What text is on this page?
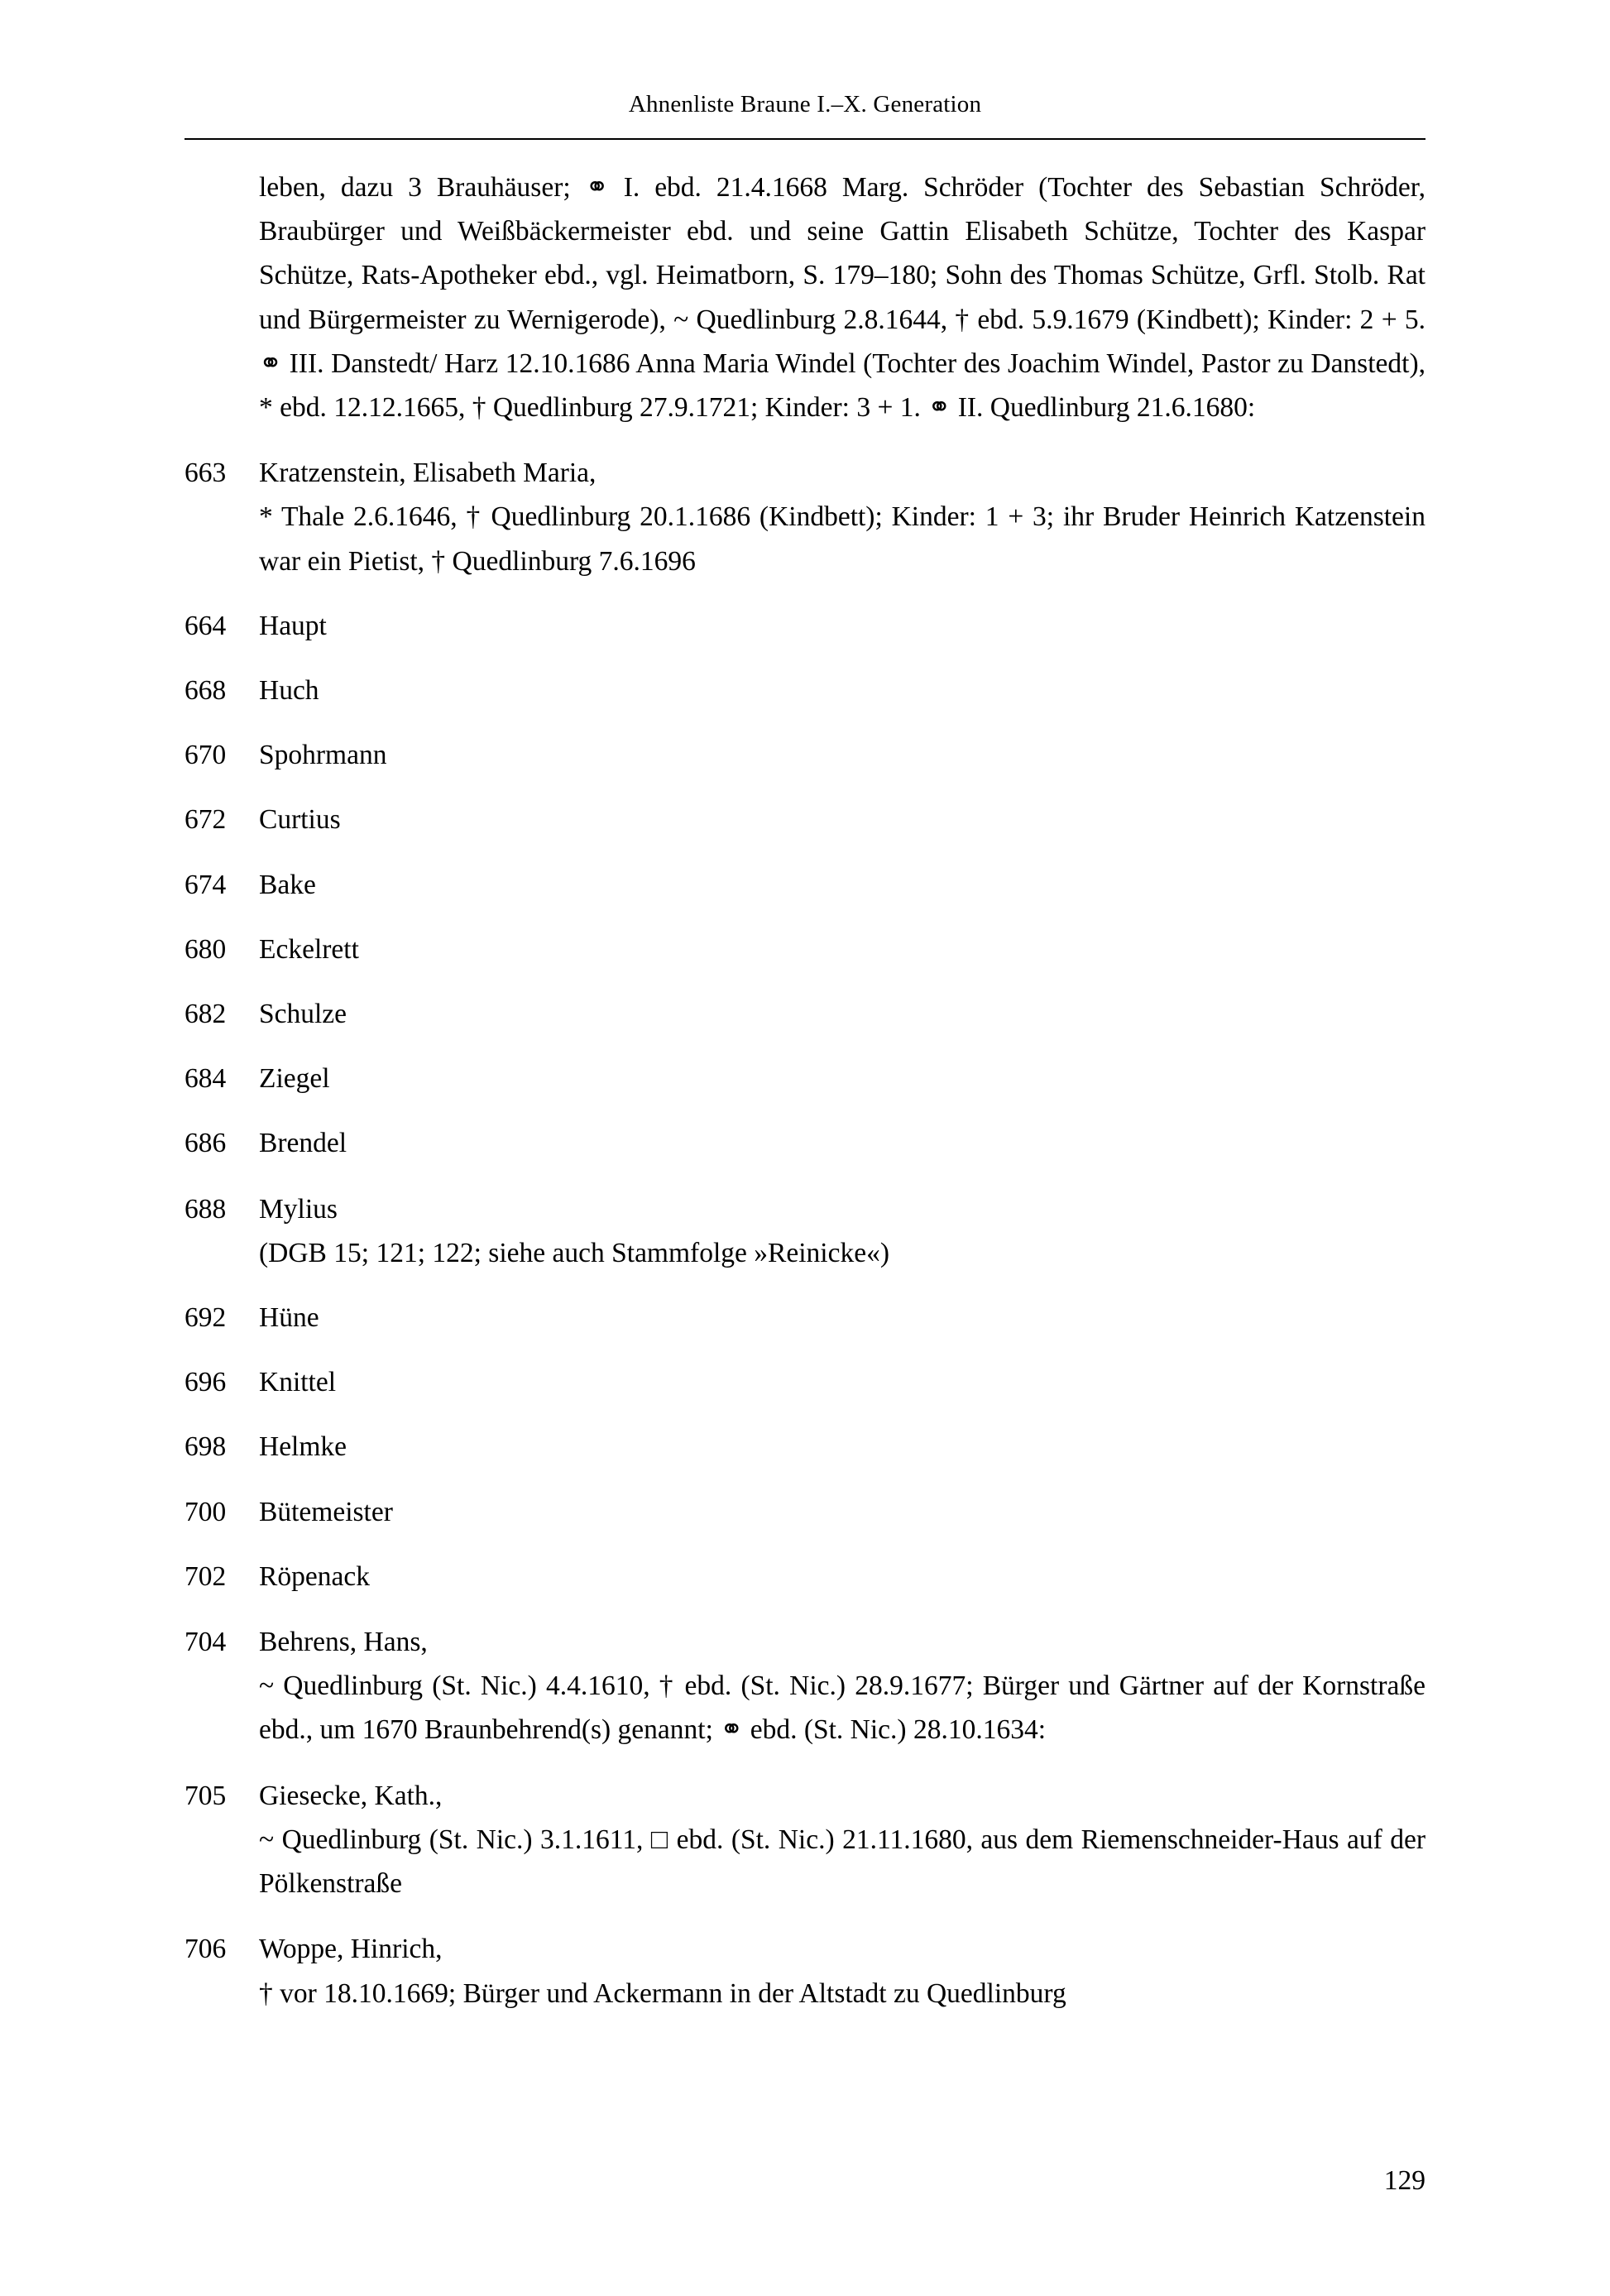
Ahnenliste Braune I.–X. Generation

leben, dazu 3 Brauhäuser; ⚭ I. ebd. 21.4.1668 Marg. Schröder (Tochter des Sebastian Schröder, Braubürger und Weißbäckermeister ebd. und seine Gattin Elisabeth Schütze, Tochter des Kaspar Schütze, Rats-Apotheker ebd., vgl. Heimatborn, S. 179–180; Sohn des Thomas Schütze, Grfl. Stolb. Rat und Bürgermeister zu Wernigerode), ~ Quedlinburg 2.8.1644, † ebd. 5.9.1679 (Kindbett); Kinder: 2 + 5. ⚭ III. Danstedt/ Harz 12.10.1686 Anna Maria Windel (Tochter des Joachim Windel, Pastor zu Danstedt), * ebd. 12.12.1665, † Quedlinburg 27.9.1721; Kinder: 3 + 1. ⚭ II. Quedlinburg 21.6.1680:

663	Kratzenstein, Elisabeth Maria,
* Thale 2.6.1646, † Quedlinburg 20.1.1686 (Kindbett); Kinder: 1 + 3; ihr Bruder Heinrich Katzenstein war ein Pietist, † Quedlinburg 7.6.1696
664	Haupt
668	Huch
670	Spohrmann
672	Curtius
674	Bake
680	Eckelrett
682	Schulze
684	Ziegel
686	Brendel
688	Mylius
(DGB 15; 121; 122; siehe auch Stammfolge »Reinicke«)
692	Hüne
696	Knittel
698	Helmke
700	Bütemeister
702	Röpenack
704	Behrens, Hans,
~ Quedlinburg (St. Nic.) 4.4.1610, † ebd. (St. Nic.) 28.9.1677; Bürger und Gärtner auf der Kornstraße ebd., um 1670 Braunbehrend(s) genannt; ⚭ ebd. (St. Nic.) 28.10.1634:
705	Giesecke, Kath.,
~ Quedlinburg (St. Nic.) 3.1.1611, □ ebd. (St. Nic.) 21.11.1680, aus dem Riemenschneider-Haus auf der Pölkenstraße
706	Woppe, Hinrich,
† vor 18.10.1669; Bürger und Ackermann in der Altstadt zu Quedlinburg
129
